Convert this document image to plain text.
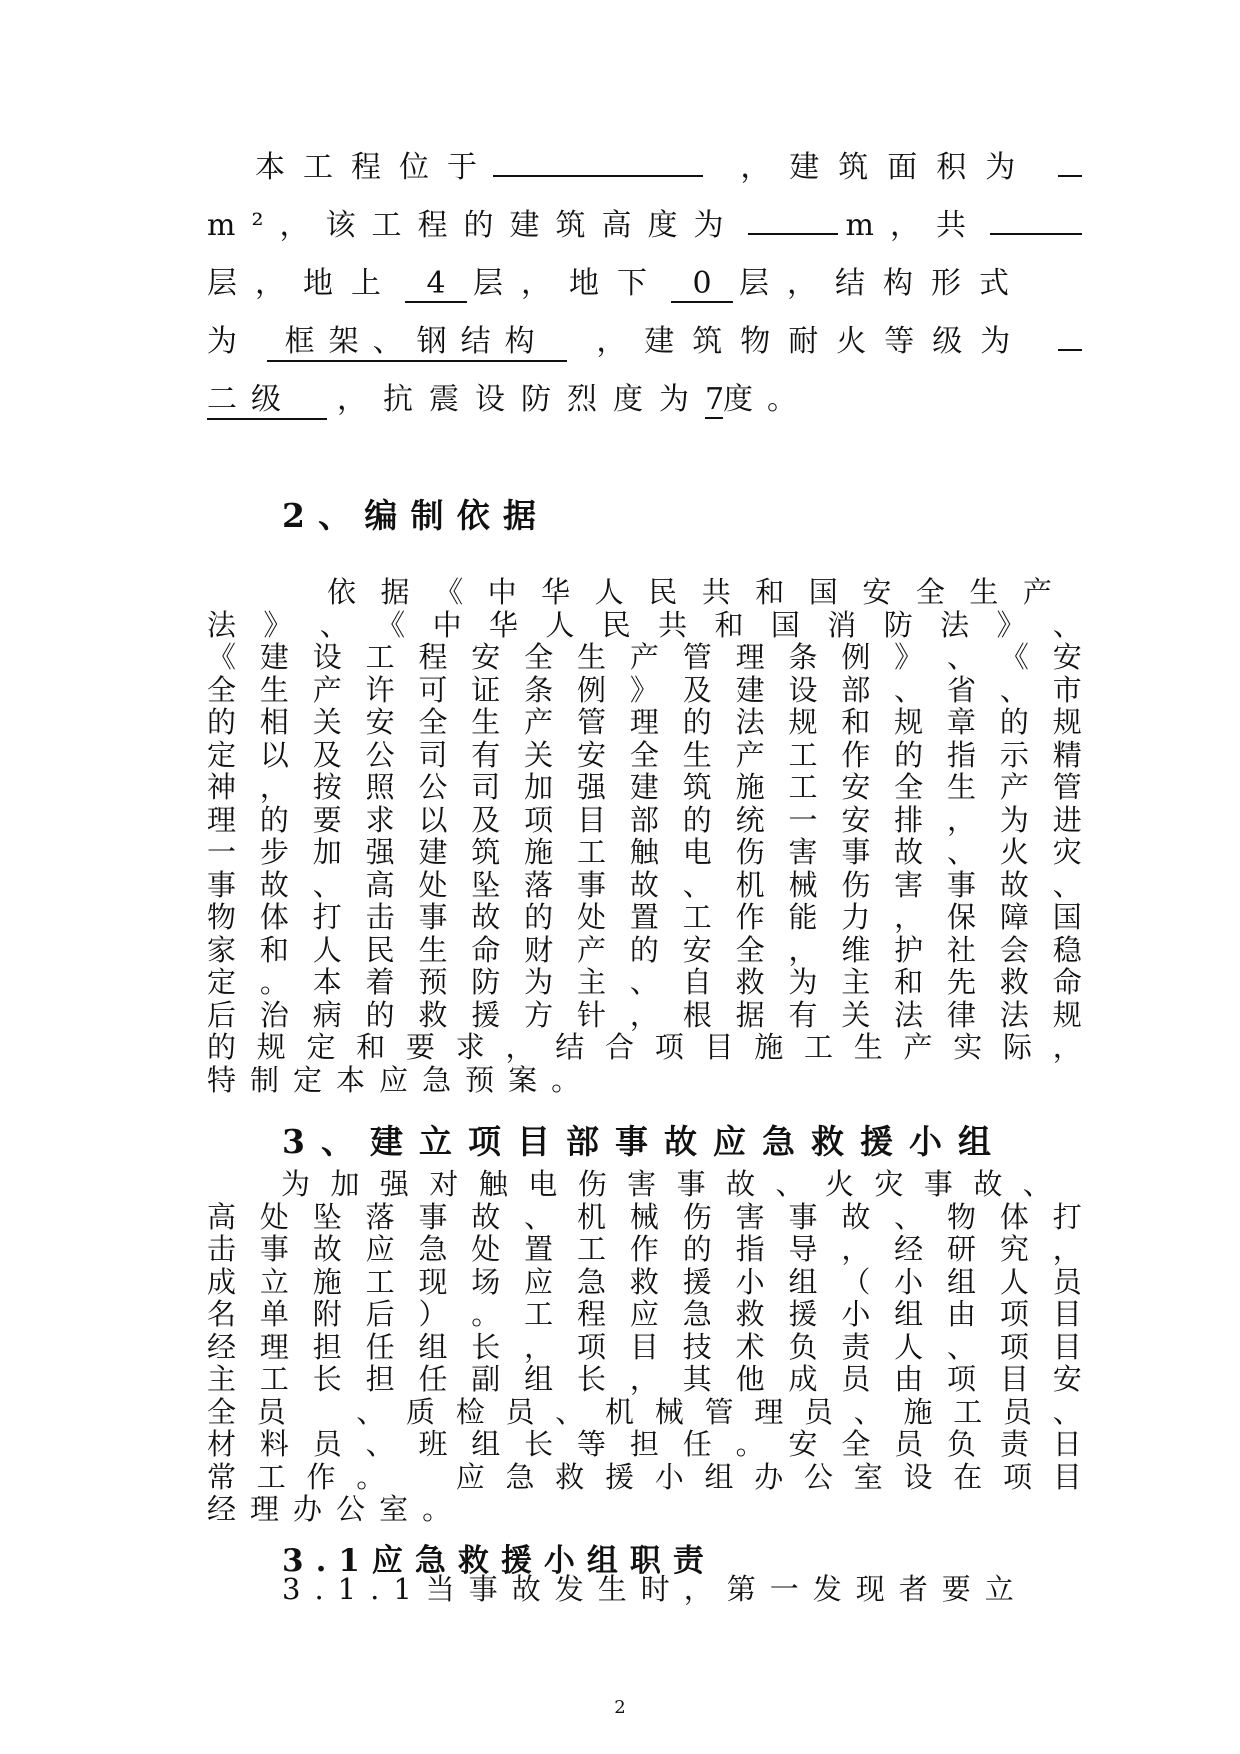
本工程位于	，建筑面积为
m²，该工程的建筑高度为	m，共
层，地上 4 层，地下 0 层，结构形式
为	框架、钢结构	，建筑物耐火等级为
二级	，抗震设防烈度为 7
度。
2 、 编 制 依 据
依 据 《 中 华 人 民 共 和 国 安 全 生 产
法 》 、 《 中 华 人 民 共 和 国 消 防 法 》 、
《 建 设 工 程 安 全 生 产 管 理 条 例 》 、 《 安
全 生 产 许 可 证 条 例 》 及 建 设 部 、 省 、 市
的 相 关 安 全 生 产 管 理 的 法 规 和 规 章 的 规
定 以 及 公 司 有 关 安 全 生 产 工 作 的 指 示 精
神 ， 按 照 公 司 加 强 建 筑 施 工 安 全 生 产 管
理 的 要 求 以 及 项 目 部 的 统 一 安 排 ， 为 进
一 步 加 强 建 筑 施 工 触 电 伤 害 事 故 、 火 灾
事 故 、 高 处 坠 落 事 故 、 机 械 伤 害 事 故 、
物 体 打 击 事 故 的 处 置 工 作 能 力 ， 保 障 国
家 和 人 民 生 命 财 产 的 安 全 ， 维 护 社 会 稳
定 。 本 着 预 防 为 主 、 自 救 为 主 和 先 救 命
后 治 病 的 救 援 方 针 ， 根 据 有 关 法 律 法 规
的 规 定 和 要 求 ， 结 合 项 目 施 工 生 产 实 际 ，
特 制 定 本 应 急 预 案 。
3、建立项目部事故应急救援小组
为 加 强 对 触 电 伤 害 事 故 、 火 灾 事 故 、
高 处 坠 落 事 故 、 机 械 伤 害 事 故 、 物 体 打
击 事 故 应 急 处 置 工 作 的 指 导 ， 经 研 究 ，
成 立 施 工 现 场 应 急 救 援 小 组 （ 小 组 人 员
名 单 附 后 ） 。 工 程 应 急 救 援 小 组 由 项 目
经 理 担 任 组 长 ， 项 目 技 术 负 责 人 、 项 目
主 工 长 担 任 副 组 长 ， 其 他 成 员 由 项 目 安
全 员
　 、 质 检 员 、 机 械 管 理 员 、 施 工 员 、
材 料 员 、 班 组 长 等 担 任 。 安 全 员 负 责 日
常 工 作 。
　 应 急 救 援 小 组 办 公 室 设 在 项 目
经 理 办 公 室 。
3.1应急救援小组职责
3.1.1当事故发生时，第一发现者要立
2
